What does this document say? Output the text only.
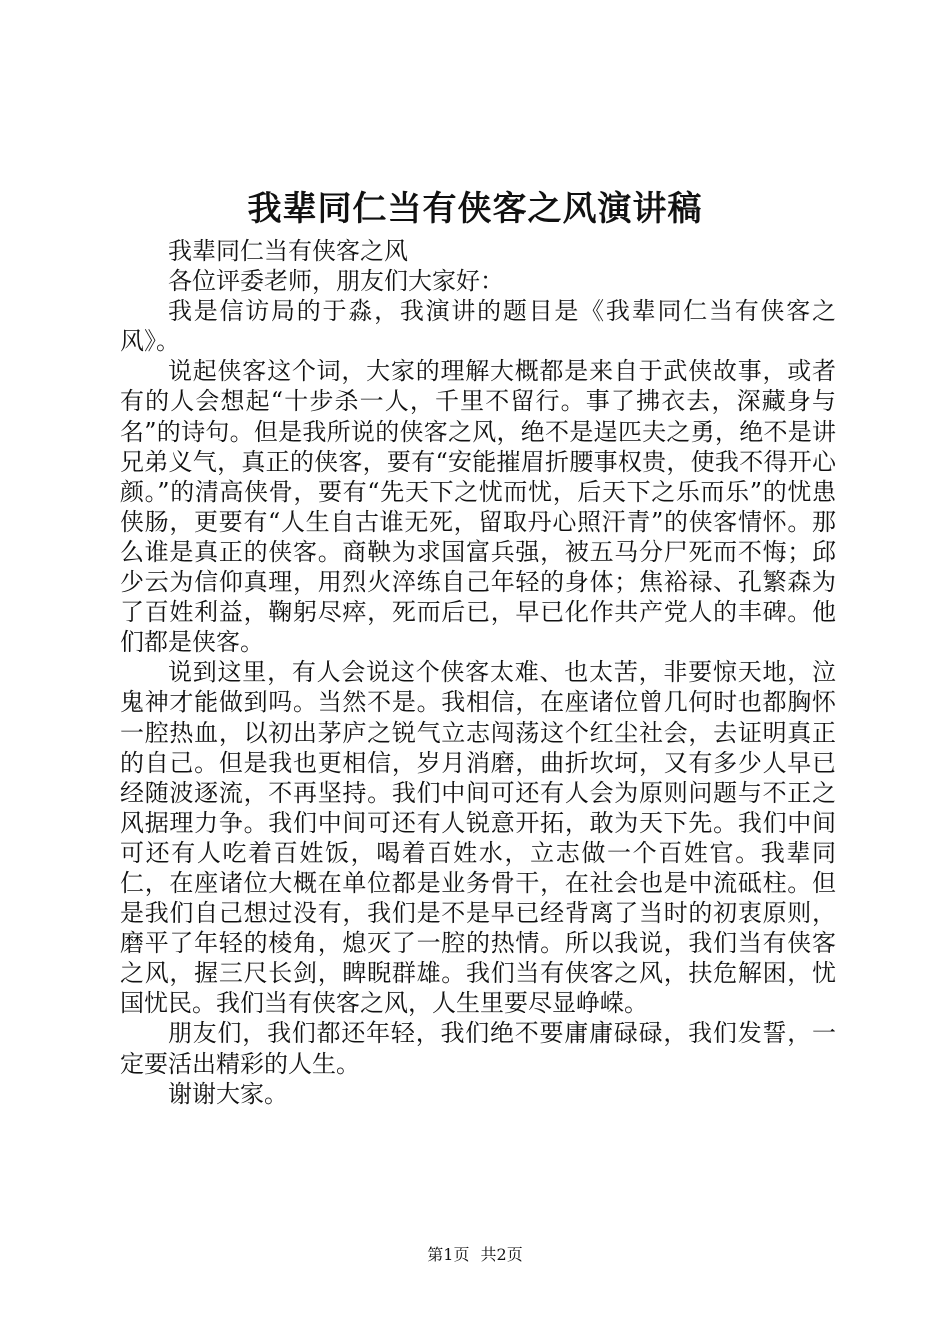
我辈同仁当有侠客之风演讲稿

我辈同仁当有侠客之风

各位评委老师，朋友们大家好：

我是信访局的于淼，我演讲的题目是《我辈同仁当有侠客之风》。

说起侠客这个词，大家的理解大概都是来自于武侠故事，或者有的人会想起“十步杀一人，千里不留行。事了拂衣去，深藏身与名”的诗句。但是我所说的侠客之风，绝不是逞匹夫之勇，绝不是讲兄弟义气，真正的侠客，要有“安能摧眉折腰事权贵，使我不得开心颜。”的清高侠骨，要有“先天下之忧而忧，后天下之乐而乐”的忧患侠肠，更要有“人生自古谁无死，留取丹心照汗青”的侠客情怀。那么谁是真正的侠客。商鞅为求国富兵强，被五马分尸死而不悔；邱少云为信仰真理，用烈火淬练自己年轻的身体；焦裕禄、孔繁森为了百姓利益，鞠躬尽瘁，死而后已，早已化作共产党人的丰碑。他们都是侠客。

说到这里，有人会说这个侠客太难、也太苦，非要惊天地，泣鬼神才能做到吗。当然不是。我相信，在座诸位曾几何时也都胸怀一腔热血，以初出茅庐之锐气立志闯荡这个红尘社会，去证明真正的自己。但是我也更相信，岁月消磨，曲折坎坷，又有多少人早已经随波逐流，不再坚持。我们中间可还有人会为原则问题与不正之风据理力争。我们中间可还有人锐意开拓，敢为天下先。我们中间可还有人吃着百姓饭，喝着百姓水，立志做一个百姓官。我辈同仁，在座诸位大概在单位都是业务骨干，在社会也是中流砥柱。但是我们自己想过没有，我们是不是早已经背离了当时的初衷原则，磨平了年轻的棱角，熄灭了一腔的热情。所以我说，我们当有侠客之风，握三尺长剑，睥睨群雄。我们当有侠客之风，扶危解困，忧国忧民。我们当有侠客之风，人生里要尽显峥嵘。

朋友们，我们都还年轻，我们绝不要庸庸碌碌，我们发誓，一定要活出精彩的人生。

谢谢大家。

第1页 共2页
